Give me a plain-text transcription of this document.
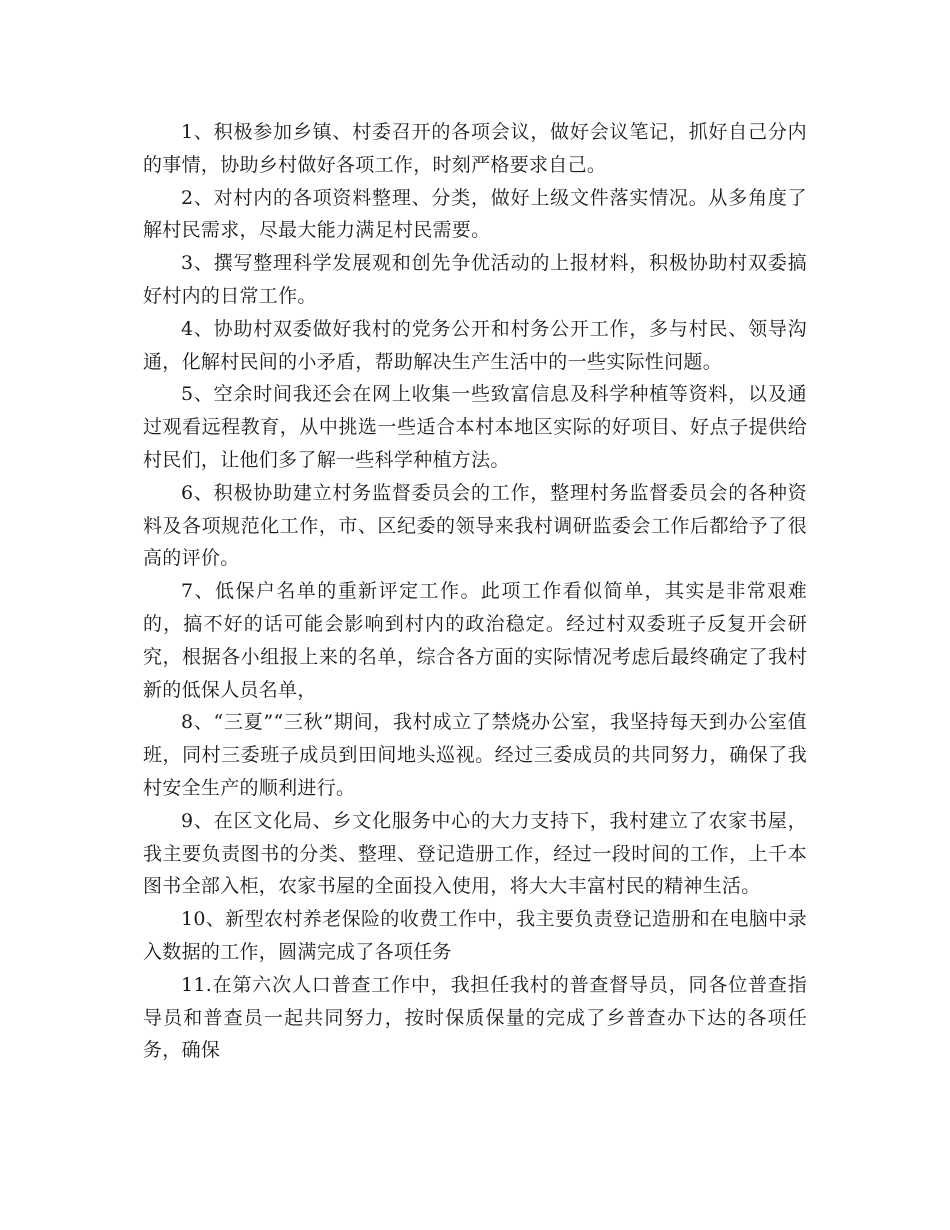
1、积极参加乡镇、村委召开的各项会议，做好会议笔记，抓好自己分内的事情，协助乡村做好各项工作，时刻严格要求自己。

2、对村内的各项资料整理、分类，做好上级文件落实情况。从多角度了解村民需求，尽最大能力满足村民需要。

3、撰写整理科学发展观和创先争优活动的上报材料，积极协助村双委搞好村内的日常工作。

4、协助村双委做好我村的党务公开和村务公开工作，多与村民、领导沟通，化解村民间的小矛盾，帮助解决生产生活中的一些实际性问题。

5、空余时间我还会在网上收集一些致富信息及科学种植等资料，以及通过观看远程教育，从中挑选一些适合本村本地区实际的好项目、好点子提供给村民们，让他们多了解一些科学种植方法。

6、积极协助建立村务监督委员会的工作，整理村务监督委员会的各种资料及各项规范化工作，市、区纪委的领导来我村调研监委会工作后都给予了很高的评价。

7、低保户名单的重新评定工作。此项工作看似简单，其实是非常艰难的，搞不好的话可能会影响到村内的政治稳定。经过村双委班子反复开会研究，根据各小组报上来的名单，综合各方面的实际情况考虑后最终确定了我村新的低保人员名单，

8、“三夏”“三秋”期间，我村成立了禁烧办公室，我坚持每天到办公室值班，同村三委班子成员到田间地头巡视。经过三委成员的共同努力，确保了我村安全生产的顺利进行。

9、在区文化局、乡文化服务中心的大力支持下，我村建立了农家书屋，我主要负责图书的分类、整理、登记造册工作，经过一段时间的工作，上千本图书全部入柜，农家书屋的全面投入使用，将大大丰富村民的精神生活。

10、新型农村养老保险的收费工作中，我主要负责登记造册和在电脑中录入数据的工作，圆满完成了各项任务

11.在第六次人口普查工作中，我担任我村的普查督导员，同各位普查指导员和普查员一起共同努力，按时保质保量的完成了乡普查办下达的各项任务，确保
